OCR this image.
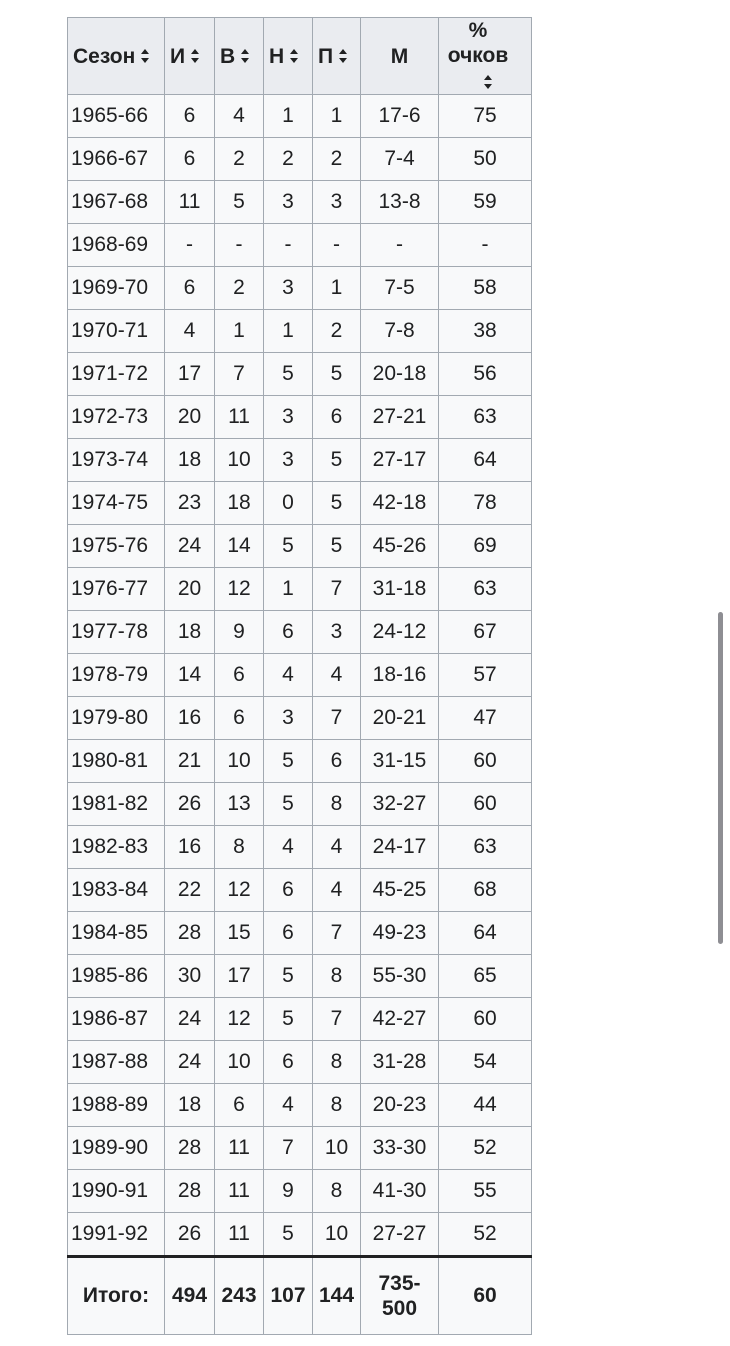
Сезон	И	В	Н	П	М	% очков

1965-66	6	4	1	1	17-6	75
1966-67	6	2	2	2	7-4	50
1967-68	11	5	3	3	13-8	59
1968-69	-	-	-	-	-	-
1969-70	6	2	3	1	7-5	58
1970-71	4	1	1	2	7-8	38
1971-72	17	7	5	5	20-18	56
1972-73	20	11	3	6	27-21	63
1973-74	18	10	3	5	27-17	64
1974-75	23	18	0	5	42-18	78
1975-76	24	14	5	5	45-26	69
1976-77	20	12	1	7	31-18	63
1977-78	18	9	6	3	24-12	67
1978-79	14	6	4	4	18-16	57
1979-80	16	6	3	7	20-21	47
1980-81	21	10	5	6	31-15	60
1981-82	26	13	5	8	32-27	60
1982-83	16	8	4	4	24-17	63
1983-84	22	12	6	4	45-25	68
1984-85	28	15	6	7	49-23	64
1985-86	30	17	5	8	55-30	65
1986-87	24	12	5	7	42-27	60
1987-88	24	10	6	8	31-28	54
1988-89	18	6	4	8	20-23	44
1989-90	28	11	7	10	33-30	52
1990-91	28	11	9	8	41-30	55
1991-92	26	11	5	10	27-27	52
Итого:	494	243	107	144	735-500	60
